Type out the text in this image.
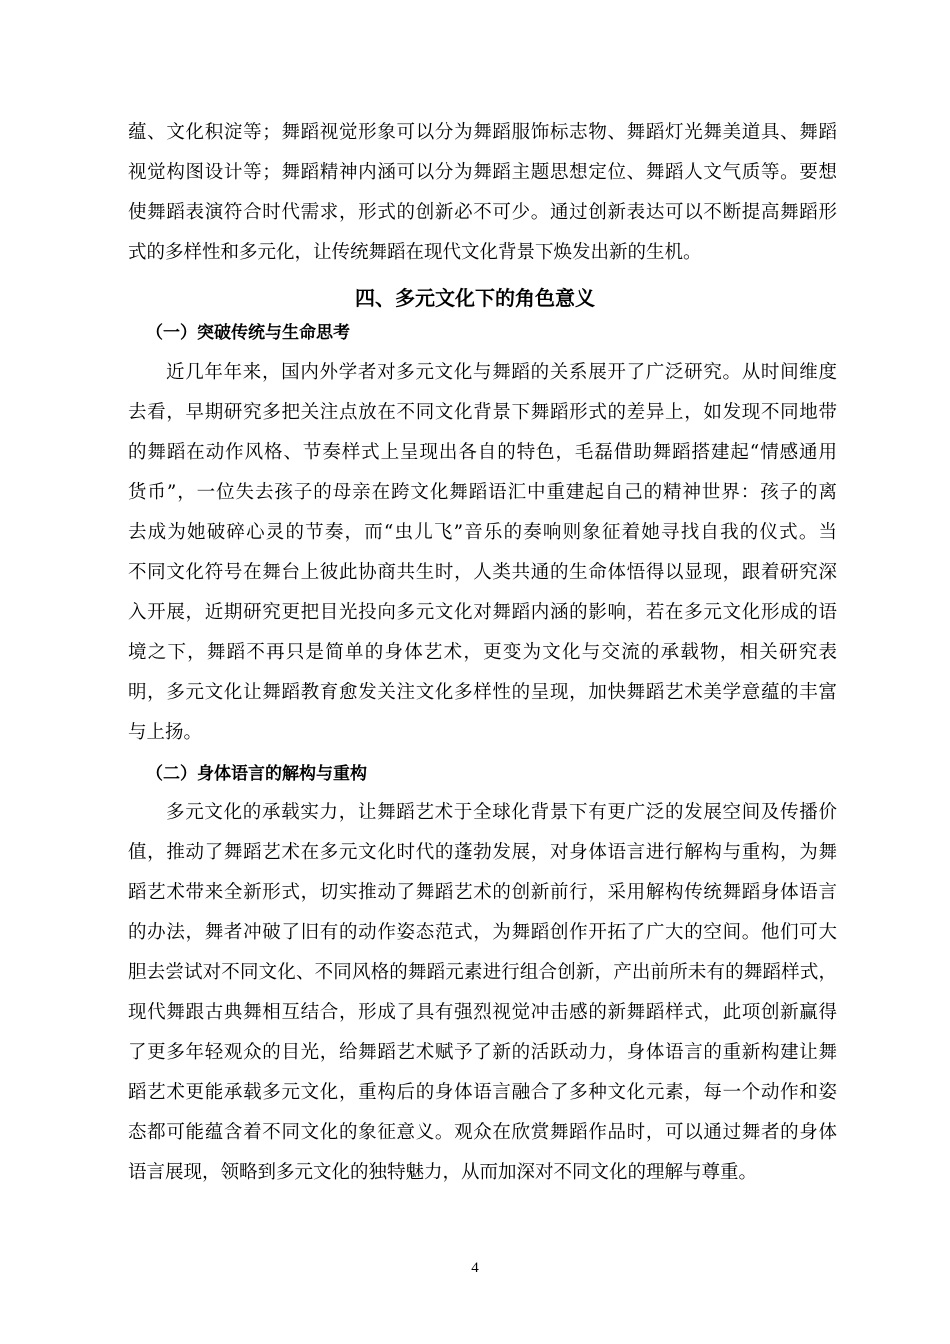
蕴、文化积淀等；舞蹈视觉形象可以分为舞蹈服饰标志物、舞蹈灯光舞美道具、舞蹈
视觉构图设计等；舞蹈精神内涵可以分为舞蹈主题思想定位、舞蹈人文气质等。要想
使舞蹈表演符合时代需求，形式的创新必不可少。通过创新表达可以不断提高舞蹈形
式的多样性和多元化，让传统舞蹈在现代文化背景下焕发出新的生机。
四、多元文化下的角色意义
（一）突破传统与生命思考
近几年年来，国内外学者对多元文化与舞蹈的关系展开了广泛研究。从时间维度
去看，早期研究多把关注点放在不同文化背景下舞蹈形式的差异上，如发现不同地带
的舞蹈在动作风格、节奏样式上呈现出各自的特色，毛磊借助舞蹈搭建起“情感通用
货币”，一位失去孩子的母亲在跨文化舞蹈语汇中重建起自己的精神世界：孩子的离
去成为她破碎心灵的节奏，而“虫儿飞”音乐的奏响则象征着她寻找自我的仪式。当
不同文化符号在舞台上彼此协商共生时，人类共通的生命体悟得以显现，跟着研究深
入开展，近期研究更把目光投向多元文化对舞蹈内涵的影响，若在多元文化形成的语
境之下，舞蹈不再只是简单的身体艺术，更变为文化与交流的承载物，相关研究表
明，多元文化让舞蹈教育愈发关注文化多样性的呈现，加快舞蹈艺术美学意蕴的丰富
与上扬。
（二）身体语言的解构与重构
多元文化的承载实力，让舞蹈艺术于全球化背景下有更广泛的发展空间及传播价
值，推动了舞蹈艺术在多元文化时代的蓬勃发展，对身体语言进行解构与重构，为舞
蹈艺术带来全新形式，切实推动了舞蹈艺术的创新前行，采用解构传统舞蹈身体语言
的办法，舞者冲破了旧有的动作姿态范式，为舞蹈创作开拓了广大的空间。他们可大
胆去尝试对不同文化、不同风格的舞蹈元素进行组合创新，产出前所未有的舞蹈样式，
现代舞跟古典舞相互结合，形成了具有强烈视觉冲击感的新舞蹈样式，此项创新赢得
了更多年轻观众的目光，给舞蹈艺术赋予了新的活跃动力，身体语言的重新构建让舞
蹈艺术更能承载多元文化，重构后的身体语言融合了多种文化元素，每一个动作和姿
态都可能蕴含着不同文化的象征意义。观众在欣赏舞蹈作品时，可以通过舞者的身体
语言展现，领略到多元文化的独特魅力，从而加深对不同文化的理解与尊重。
4
